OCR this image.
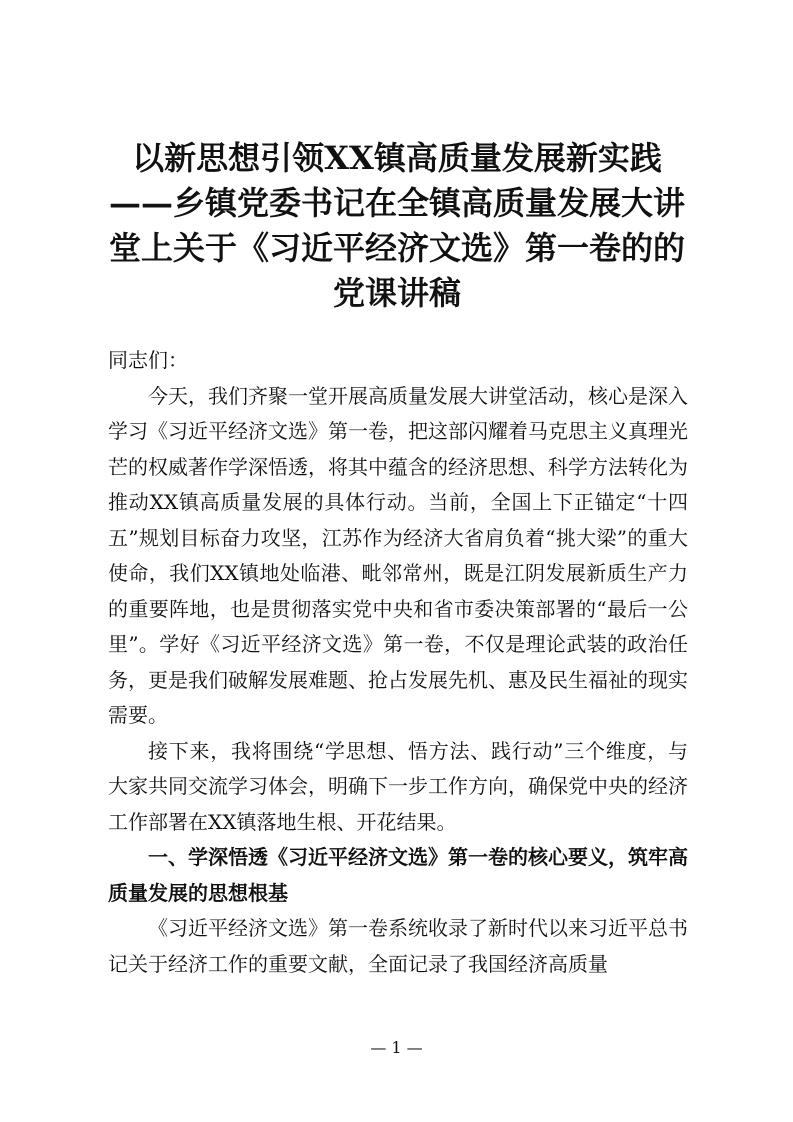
以新思想引领XX镇高质量发展新实践——乡镇党委书记在全镇高质量发展大讲堂上关于《习近平经济文选》第一卷的的党课讲稿

同志们：

今天，我们齐聚一堂开展高质量发展大讲堂活动，核心是深入学习《习近平经济文选》第一卷，把这部闪耀着马克思主义真理光芒的权威著作学深悟透，将其中蕴含的经济思想、科学方法转化为推动XX镇高质量发展的具体行动。当前，全国上下正锚定“十四五”规划目标奋力攻坚，江苏作为经济大省肩负着“挑大梁”的重大使命，我们XX镇地处临港、毗邻常州，既是江阴发展新质生产力的重要阵地，也是贯彻落实党中央和省市委决策部署的“最后一公里”。学好《习近平经济文选》第一卷，不仅是理论武装的政治任务，更是我们破解发展难题、抢占发展先机、惠及民生福祉的现实需要。

接下来，我将围绕“学思想、悟方法、践行动”三个维度，与大家共同交流学习体会，明确下一步工作方向，确保党中央的经济工作部署在XX镇落地生根、开花结果。

一、学深悟透《习近平经济文选》第一卷的核心要义，筑牢高质量发展的思想根基

《习近平经济文选》第一卷系统收录了新时代以来习近平总书记关于经济工作的重要文献，全面记录了我国经济高质量

— 1 —
